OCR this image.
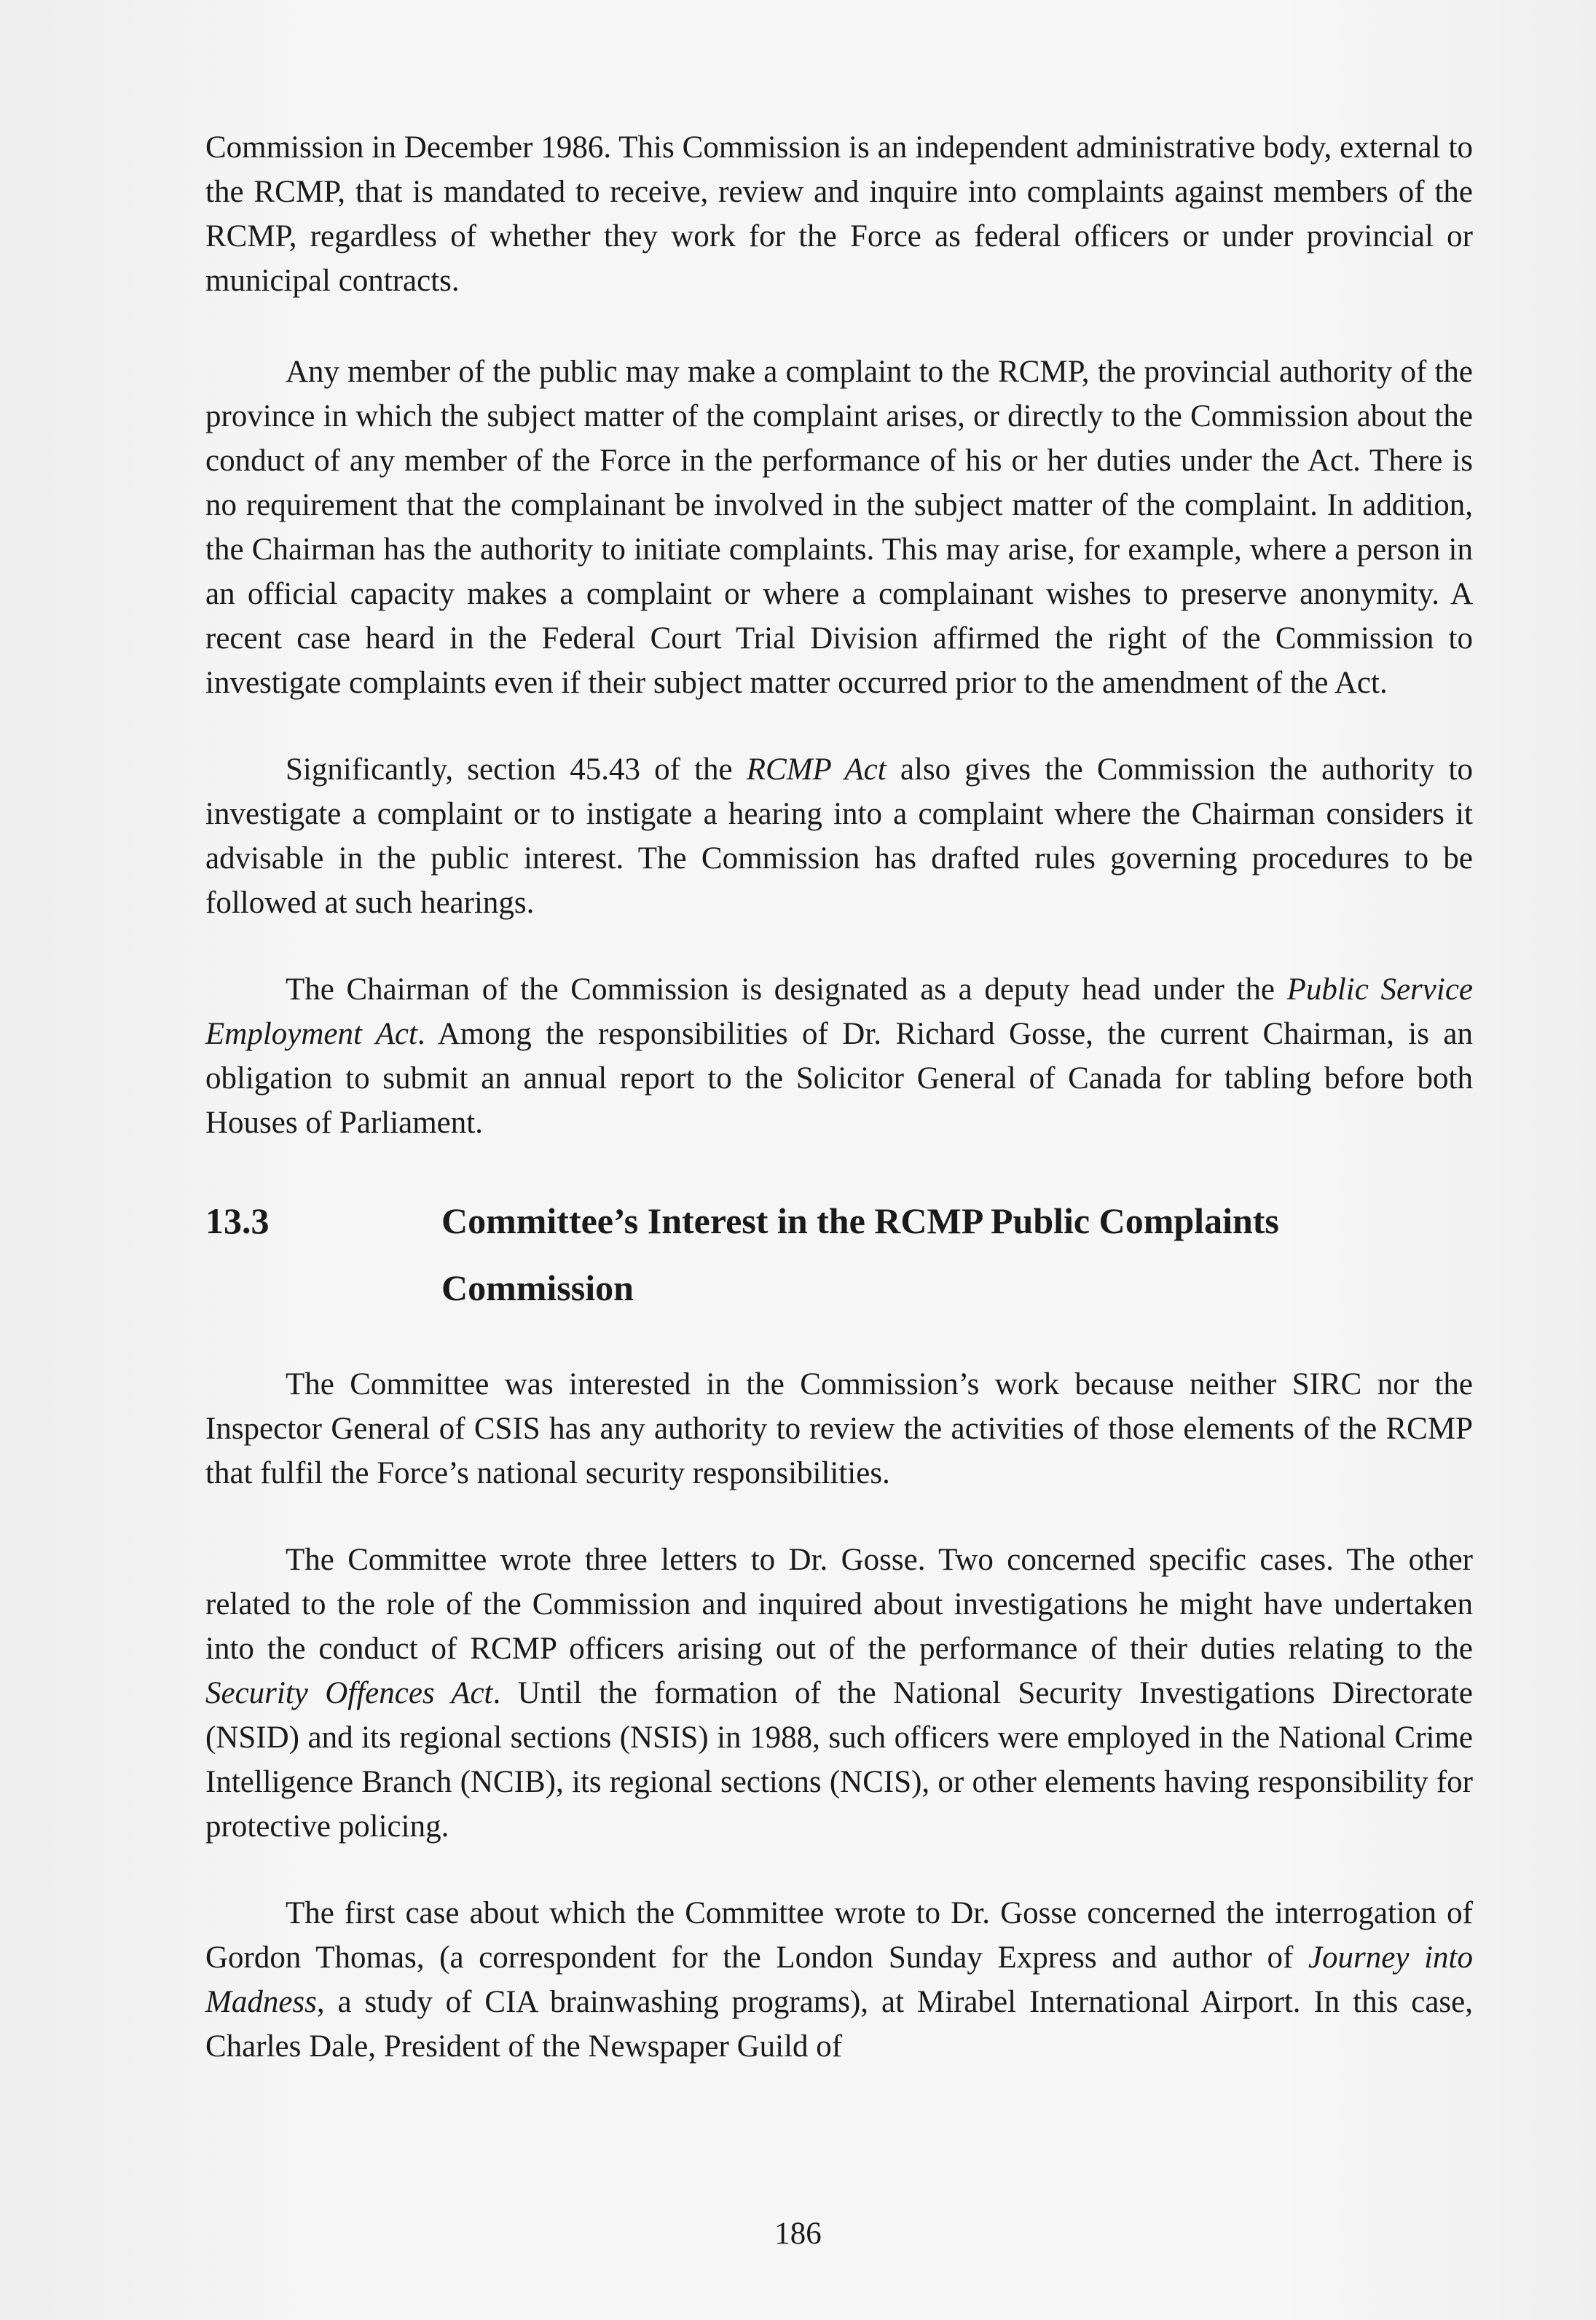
Commission in December 1986. This Commission is an independent administrative body, external to the RCMP, that is mandated to receive, review and inquire into complaints against members of the RCMP, regardless of whether they work for the Force as federal officers or under provincial or municipal contracts.

Any member of the public may make a complaint to the RCMP, the provincial authority of the province in which the subject matter of the complaint arises, or directly to the Commission about the conduct of any member of the Force in the performance of his or her duties under the Act. There is no requirement that the complainant be involved in the subject matter of the complaint. In addition, the Chairman has the authority to initiate complaints. This may arise, for example, where a person in an official capacity makes a complaint or where a complainant wishes to preserve anonymity. A recent case heard in the Federal Court Trial Division affirmed the right of the Commission to investigate complaints even if their subject matter occurred prior to the amendment of the Act.

Significantly, section 45.43 of the RCMP Act also gives the Commission the authority to investigate a complaint or to instigate a hearing into a complaint where the Chairman considers it advisable in the public interest. The Commission has drafted rules governing procedures to be followed at such hearings.

The Chairman of the Commission is designated as a deputy head under the Public Service Employment Act. Among the responsibilities of Dr. Richard Gosse, the current Chairman, is an obligation to submit an annual report to the Solicitor General of Canada for tabling before both Houses of Parliament.

13.3	Committee’s Interest in the RCMP Public Complaints Commission

The Committee was interested in the Commission’s work because neither SIRC nor the Inspector General of CSIS has any authority to review the activities of those elements of the RCMP that fulfil the Force’s national security responsibilities.

The Committee wrote three letters to Dr. Gosse. Two concerned specific cases. The other related to the role of the Commission and inquired about investigations he might have undertaken into the conduct of RCMP officers arising out of the performance of their duties relating to the Security Offences Act. Until the formation of the National Security Investigations Directorate (NSID) and its regional sections (NSIS) in 1988, such officers were employed in the National Crime Intelligence Branch (NCIB), its regional sections (NCIS), or other elements having responsibility for protective policing.

The first case about which the Committee wrote to Dr. Gosse concerned the interrogation of Gordon Thomas, (a correspondent for the London Sunday Express and author of Journey into Madness, a study of CIA brainwashing programs), at Mirabel International Airport. In this case, Charles Dale, President of the Newspaper Guild of

186
